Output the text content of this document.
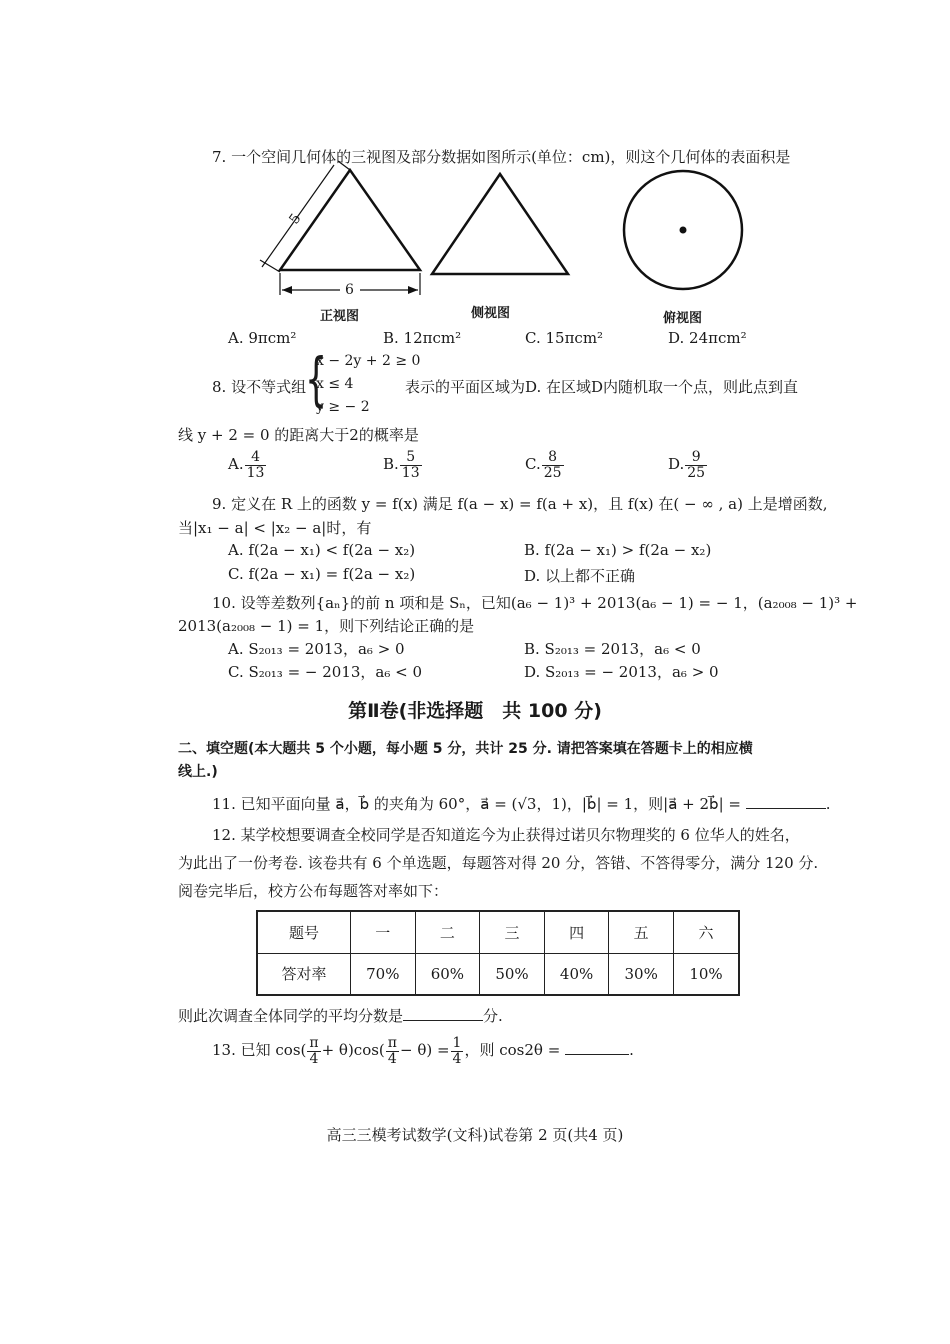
7. 一个空间几何体的三视图及部分数据如图所示(单位：cm)，则这个几何体的表面积是
5
6
正视图	侧视图	俯视图
A. 9πcm²	B. 12πcm²	C. 15πcm²	D. 24πcm²
8. 设不等式组
{
x − 2y + 2 ≥ 0
x ≤ 4
y ≥ − 2
表示的平面区域为D. 在区域D内随机取一个点，则此点到直
线 y + 2 = 0 的距离大于2的概率是
A. $\frac{4}{13}$	B. $\frac{5}{13}$	C. $\frac{8}{25}$	D. $\frac{9}{25}$
9. 定义在 R 上的函数 y = f(x) 满足 f(a − x) = f(a + x)，且 f(x) 在( − ∞ , a) 上是增函数,
当|x₁ − a| < |x₂ − a|时，有
A. f(2a − x₁) < f(2a − x₂)	B. f(2a − x₁) > f(2a − x₂)
C. f(2a − x₁) = f(2a − x₂)	D. 以上都不正确
10. 设等差数列{aₙ}的前 n 项和是 Sₙ，已知(a₆ − 1)³ + 2013(a₆ − 1) = − 1，(a₂₀₀₈ − 1)³ +
2013(a₂₀₀₈ − 1) = 1，则下列结论正确的是
A. S₂₀₁₃ = 2013，a₆ > 0	B. S₂₀₁₃ = 2013，a₆ < 0
C. S₂₀₁₃ = − 2013，a₆ < 0	D. S₂₀₁₃ = − 2013，a₆ > 0
第Ⅱ卷(非选择题　共 100 分)
二、填空题(本大题共 5 个小题，每小题 5 分，共计 25 分. 请把答案填在答题卡上的相应横
线上.)
11. 已知平面向量 a⃗，b⃗ 的夹角为 60°，a⃗ = (√3，1)，|b⃗| = 1，则|a⃗ + 2b⃗| =	.
12. 某学校想要调查全校同学是否知道迄今为止获得过诺贝尔物理奖的 6 位华人的姓名，
为此出了一份考卷. 该卷共有 6 个单选题，每题答对得 20 分，答错、不答得零分，满分 120 分.
阅卷完毕后，校方公布每题答对率如下：
题号	一	二	三	四	五	六
答对率	70%	60%	50%	40%	30%	10%
则此次调查全体同学的平均分数是	分.
13. 已知 $\cos( \frac{\pi}{4} + \theta)\cos( \frac{\pi}{4} - \theta) = \frac{1}{4}$ ，则 cos2θ =	.
高三三模考试数学(文科)试卷第 2 页(共4 页)
